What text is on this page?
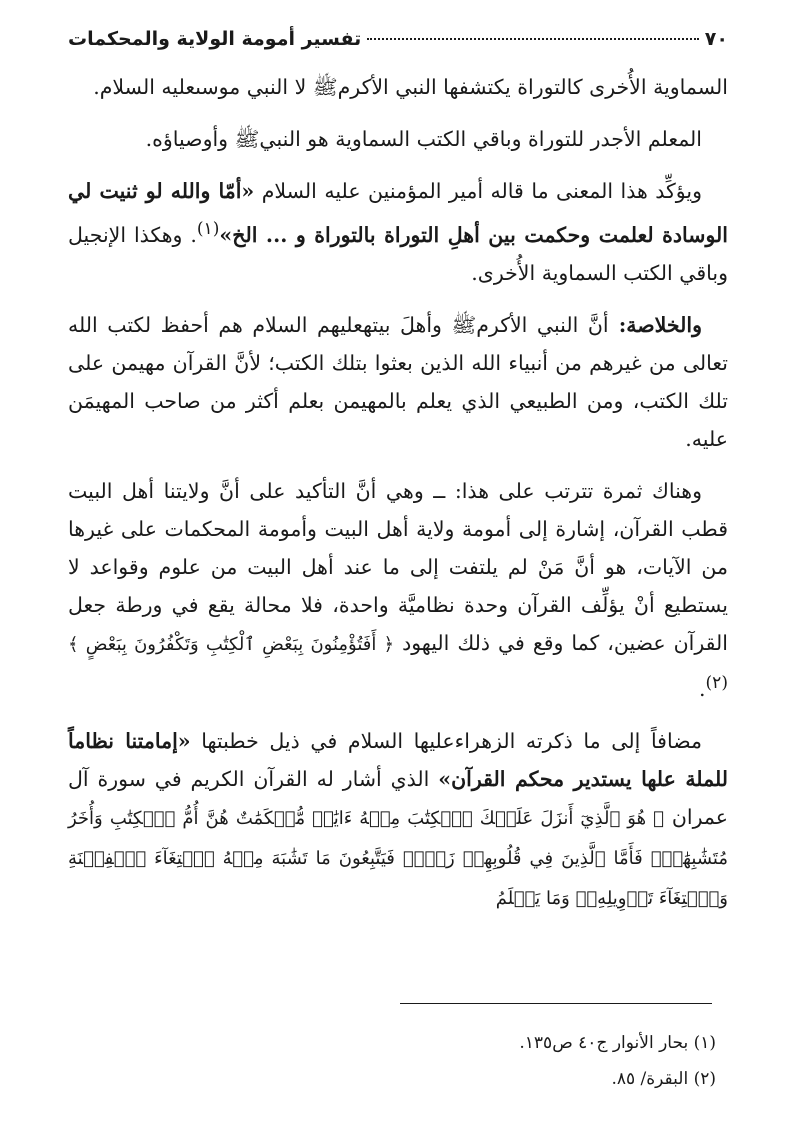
٧٠
تفسير أمومة الولاية والمحكمات

السماوية الأُخرى كالتوراة يكتشفها النبي الأكرمﷺ لا النبي موسىعليه السلام.

المعلم الأجدر للتوراة وباقي الكتب السماوية هو النبيﷺ وأوصياؤه.

ويؤكِّد هذا المعنى ما قاله أمير المؤمنين عليه السلام «أمّا والله لو ثنيت لي الوسادة لعلمت وحكمت بين أهلِ التوراة بالتوراة و ... الخ»$^{(١)}$. وهكذا الإنجيل وباقي الكتب السماوية الأُخرى.

والخلاصة: أنَّ النبي الأكرمﷺ وأهلَ بيتهعليهم السلام هم أحفظ لكتب الله تعالى من غيرهم من أنبياء الله الذين بعثوا بتلك الكتب؛ لأنَّ القرآن مهيمن على تلك الكتب، ومن الطبيعي الذي يعلم بالمهيمن بعلم أكثر من صاحب المهيمَن عليه.

وهناك ثمرة تترتب على هذا: ــ وهي أنَّ التأكيد على أنَّ ولايتنا أهل البيت قطب القرآن، إشارة إلى أمومة ولاية أهل البيت وأمومة المحكمات على غيرها من الآيات، هو أنَّ مَنْ لم يلتفت إلى ما عند أهل البيت من علوم وقواعد لا يستطيع أنْ يؤلِّف القرآن وحدة نظاميَّة واحدة، فلا محالة يقع في ورطة جعل القرآن عضين، كما وقع في ذلك اليهود ﴿ أَفَتُؤْمِنُونَ بِبَعْضِ ٱلْكِتَٰبِ وَتَكْفُرُونَ بِبَعْضٍ ﴾$^{(٢)}$.

مضافاً إلى ما ذكرته الزهراءعليها السلام في ذيل خطبتها «إمامتنا نظاماً للملة علها يستدير محكم القرآن» الذي أشار له القرآن الكريم في سورة آل عمران ﴿ هُوَ ٱلَّذِيٓ أَنزَلَ عَلَيۡكَ ٱلۡكِتَٰبَ مِنۡهُ ءَايَٰتٞ مُّحۡكَمَٰتٌ هُنَّ أُمُّ ٱلۡكِتَٰبِ وَأُخَرُ مُتَشَٰبِهَٰتٞۖ فَأَمَّا ٱلَّذِينَ فِي قُلُوبِهِمۡ زَيۡغٞ فَيَتَّبِعُونَ مَا تَشَٰبَهَ مِنۡهُ ٱبۡتِغَآءَ ٱلۡفِتۡنَةِ وَٱبۡتِغَآءَ تَأۡوِيلِهِۦۗ وَمَا يَعۡلَمُ

(١) بحار الأنوار ج٤٠ ص١٣٥.
(٢) البقرة/ ٨٥.
